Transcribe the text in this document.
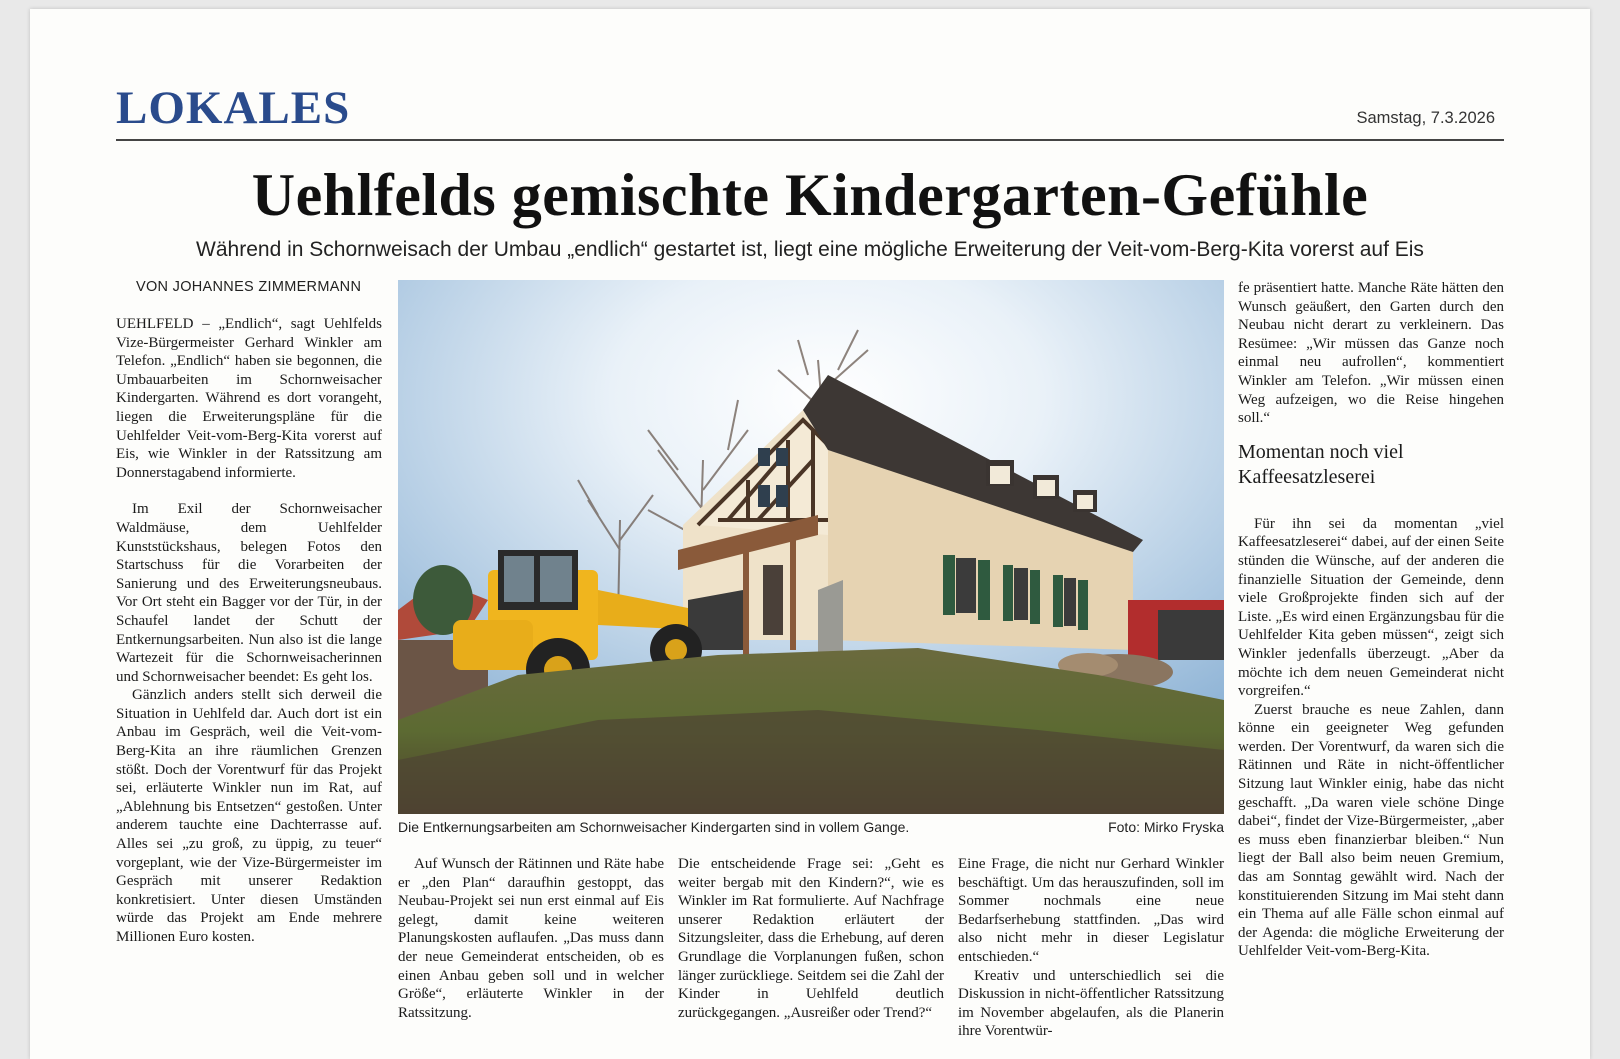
LOKALES	Samstag, 7.3.2026
Uehlfelds gemischte Kindergarten-Gefühle
Während in Schornweisach der Umbau „endlich“ gestartet ist, liegt eine mögliche Erweiterung der Veit-vom-Berg-Kita vorerst auf Eis
VON JOHANNES ZIMMERMANN

UEHLFELD – „Endlich“, sagt Uehlfelds Vize-Bürgermeister Gerhard Winkler am Telefon. „Endlich“ haben sie begonnen, die Umbauarbeiten im Schornweisacher Kindergarten. Während es dort vorangeht, liegen die Erweiterungspläne für die Uehlfelder Veit-vom-Berg-Kita vorerst auf Eis, wie Winkler in der Ratssitzung am Donnerstagabend informierte.

Im Exil der Schornweisacher Waldmäuse, dem Uehlfelder Kunststückshaus, belegen Fotos den Startschuss für die Vorarbeiten der Sanierung und des Erweiterungsneubaus. Vor Ort steht ein Bagger vor der Tür, in der Schaufel landet der Schutt der Entkernungsarbeiten. Nun also ist die lange Wartezeit für die Schornweisacherinnen und Schornweisacher beendet: Es geht los.

Gänzlich anders stellt sich derweil die Situation in Uehlfeld dar. Auch dort ist ein Anbau im Gespräch, weil die Veit-vom-Berg-Kita an ihre räumlichen Grenzen stößt. Doch der Vorentwurf für das Projekt sei, erläuterte Winkler nun im Rat, auf „Ablehnung bis Entsetzen“ gestoßen. Unter anderem tauchte eine Dachterrasse auf. Alles sei „zu groß, zu üppig, zu teuer“ vorgeplant, wie der Vize-Bürgermeister im Gespräch mit unserer Redaktion konkretisiert. Unter diesen Umständen würde das Projekt am Ende mehrere Millionen Euro kosten.

Die Entkernungsarbeiten am Schornweisacher Kindergarten sind in vollem Gange.	Foto: Mirko Fryska

Auf Wunsch der Rätinnen und Räte habe er „den Plan“ daraufhin gestoppt, das Neubau-Projekt sei nun erst einmal auf Eis gelegt, damit keine weiteren Planungskosten auflaufen. „Das muss dann der neue Gemeinderat entscheiden, ob es einen Anbau geben soll und in welcher Größe“, erläuterte Winkler in der Ratssitzung.

Die entscheidende Frage sei: „Geht es weiter bergab mit den Kindern?“, wie es Winkler im Rat formulierte. Auf Nachfrage unserer Redaktion erläutert der Sitzungsleiter, dass die Erhebung, auf deren Grundlage die Vorplanungen fußen, schon länger zurückliege. Seitdem sei die Zahl der Kinder in Uehlfeld deutlich zurückgegangen. „Ausreißer oder Trend?“

Eine Frage, die nicht nur Gerhard Winkler beschäftigt. Um das herauszufinden, soll im Sommer nochmals eine neue Bedarfserhebung stattfinden. „Das wird also nicht mehr in dieser Legislatur entschieden.“

Kreativ und unterschiedlich sei die Diskussion in nicht-öffentlicher Ratssitzung im November abgelaufen, als die Planerin ihre Vorentwür-

fe präsentiert hatte. Manche Räte hätten den Wunsch geäußert, den Garten durch den Neubau nicht derart zu verkleinern. Das Resümee: „Wir müssen das Ganze noch einmal neu aufrollen“, kommentiert Winkler am Telefon. „Wir müssen einen Weg aufzeigen, wo die Reise hingehen soll.“

Momentan noch viel Kaffeesatzleserei

Für ihn sei da momentan „viel Kaffeesatzleserei“ dabei, auf der einen Seite stünden die Wünsche, auf der anderen die finanzielle Situation der Gemeinde, denn viele Großprojekte finden sich auf der Liste. „Es wird einen Ergänzungsbau für die Uehlfelder Kita geben müssen“, zeigt sich Winkler jedenfalls überzeugt. „Aber da möchte ich dem neuen Gemeinderat nicht vorgreifen.“

Zuerst brauche es neue Zahlen, dann könne ein geeigneter Weg gefunden werden. Der Vorentwurf, da waren sich die Rätinnen und Räte in nicht-öffentlicher Sitzung laut Winkler einig, habe das nicht geschafft. „Da waren viele schöne Dinge dabei“, findet der Vize-Bürgermeister, „aber es muss eben finanzierbar bleiben.“ Nun liegt der Ball also beim neuen Gremium, das am Sonntag gewählt wird. Nach der konstituierenden Sitzung im Mai steht dann ein Thema auf alle Fälle schon einmal auf der Agenda: die mögliche Erweiterung der Uehlfelder Veit-vom-Berg-Kita.
